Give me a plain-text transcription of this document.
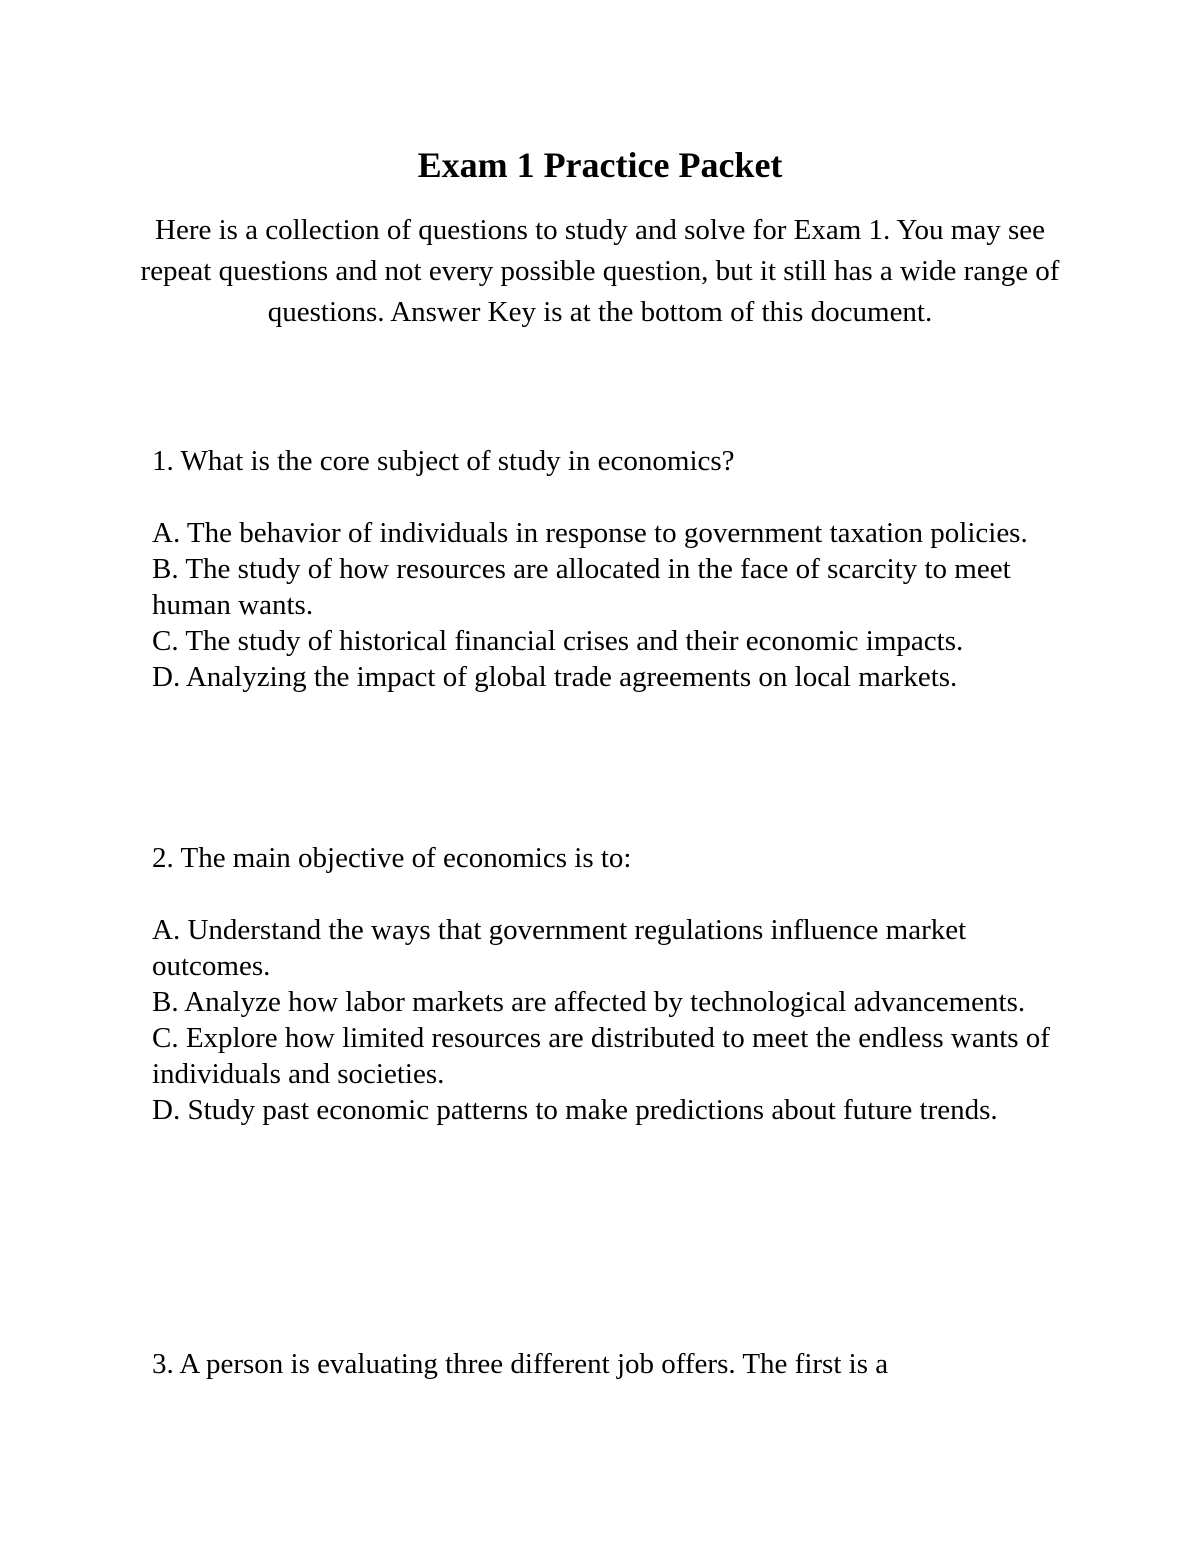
Exam 1 Practice Packet

Here is a collection of questions to study and solve for Exam 1. You may see repeat questions and not every possible question, but it still has a wide range of questions. Answer Key is at the bottom of this document.

1. What is the core subject of study in economics?
A. The behavior of individuals in response to government taxation policies.
B. The study of how resources are allocated in the face of scarcity to meet human wants.
C. The study of historical financial crises and their economic impacts.
D. Analyzing the impact of global trade agreements on local markets.
2. The main objective of economics is to:
A. Understand the ways that government regulations influence market outcomes.
B. Analyze how labor markets are affected by technological advancements.
C. Explore how limited resources are distributed to meet the endless wants of individuals and societies.
D. Study past economic patterns to make predictions about future trends.
3. A person is evaluating three different job offers. The first is a
